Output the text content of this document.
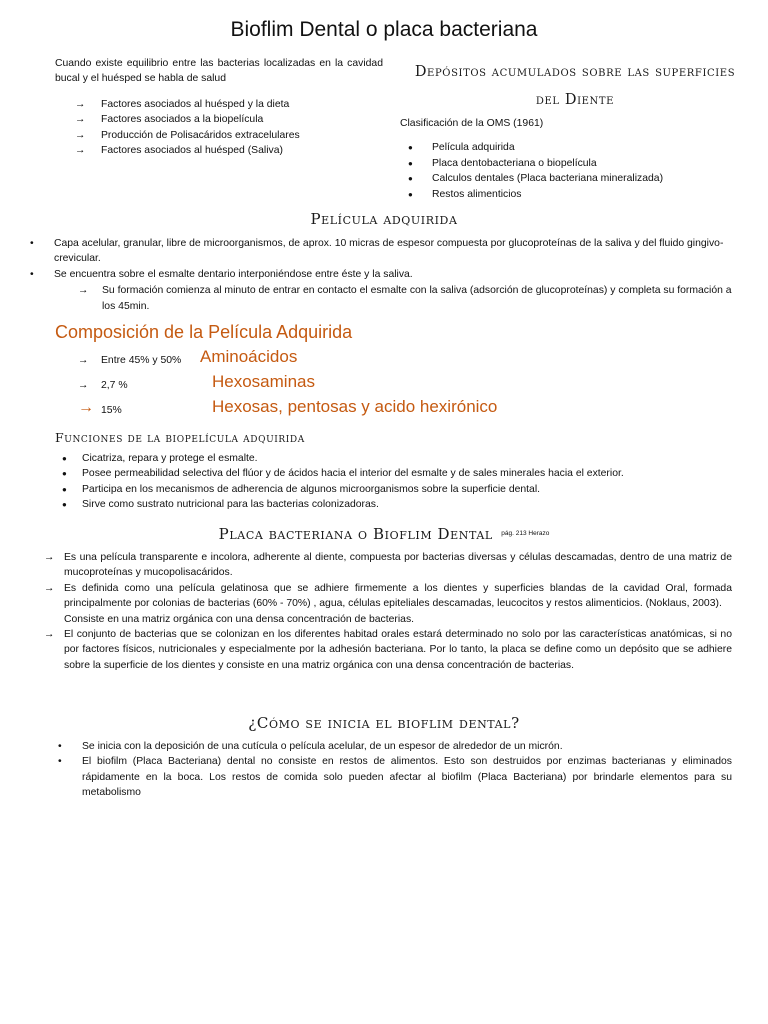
Bioflim Dental o placa bacteriana

Cuando existe equilibrio entre las bacterias localizadas en la cavidad bucal y el huésped se habla de salud

→ Factores asociados al huésped y la dieta
→ Factores asociados a la biopelícula
→ Producción de Polisacáridos extracelulares
→ Factores asociados al huésped (Saliva)
Depósitos acumulados sobre las superficies
del Diente

Clasificación de la OMS (1961)

● Película adquirida
● Placa dentobacteriana o biopelícula
● Calculos dentales (Placa bacteriana mineralizada)
● Restos alimenticios
Película adquirida
• Capa acelular, granular, libre de microorganismos, de aprox. 10 micras de espesor compuesta por glucoproteínas de la saliva y del fluido gingivo-crevicular.
• Se encuentra sobre el esmalte dentario interponiéndose entre éste y la saliva.
→ Su formación comienza al minuto de entrar en contacto el esmalte con la saliva (adsorción de glucoproteínas) y completa su formación a los 45min.
Composición de la Película Adquirida
→ Entre 45% y 50% Aminoácidos
→ 2,7 %	Hexosaminas
→ 15%	Hexosas, pentosas y acido hexirónico
Funciones de la biopelícula adquirida
● Cicatriza, repara y protege el esmalte.
● Posee permeabilidad selectiva del flúor y de ácidos hacia el interior del esmalte y de sales minerales hacia el exterior.
● Participa en los mecanismos de adherencia de algunos microorganismos sobre la superficie dental.
● Sirve como sustrato nutricional para las bacterias colonizadoras.
Placa bacteriana o Bioflim Dental $^{pág. 213 Herazo}$
→ Es una película transparente e incolora, adherente al diente, compuesta por bacterias diversas y células descamadas, dentro de una matriz de mucoproteínas y mucopolisacáridos.

→ Es definida como una película gelatinosa que se adhiere firmemente a los dientes y superficies blandas de la cavidad Oral, formada principalmente por colonias de bacterias (60% - 70%) , agua, células epiteliales descamadas, leucocitos y restos alimenticios. (Noklaus, 2003).

Consiste en una matriz orgánica con una densa concentración de bacterias.

→ El conjunto de bacterias que se colonizan en los diferentes habitad orales estará determinado no solo por las características anatómicas, si no por factores físicos, nutricionales y especialmente por la adhesión bacteriana. Por lo tanto, la placa se define como un depósito que se adhiere sobre la superficie de los dientes y consiste en una matriz orgánica con una densa concentración de bacterias.

¿Cómo se inicia el bioflim dental?
• Se inicia con la deposición de una cutícula o película acelular, de un espesor de alrededor de un micrón.
• El biofilm (Placa Bacteriana) dental no consiste en restos de alimentos. Esto son destruidos por enzimas bacterianas y eliminados rápidamente en la boca. Los restos de comida solo pueden afectar al biofilm (Placa Bacteriana) por brindarle elementos para su metabolismo
